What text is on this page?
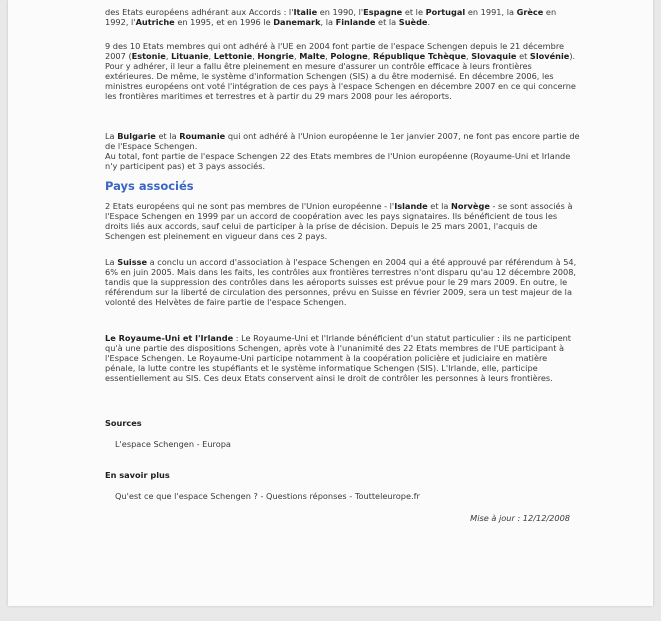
des Etats européens adhérant aux Accords : l'Italie en 1990, l'Espagne et le Portugal en 1991, la Grèce en 1992, l'Autriche en 1995, et en 1996 le Danemark, la Finlande et la Suède.

9 des 10 Etats membres qui ont adhéré à l'UE en 2004 font partie de l'espace Schengen depuis le 21 décembre 2007 (Estonie, Lituanie, Lettonie, Hongrie, Malte, Pologne, République Tchèque, Slovaquie et Slovénie). Pour y adhérer, il leur a fallu être pleinement en mesure d'assurer un contrôle efficace à leurs frontières extérieures. De même, le système d'information Schengen (SIS) a du être modernisé. En décembre 2006, les ministres européens ont voté l'intégration de ces pays à l'espace Schengen en décembre 2007 en ce qui concerne les frontières maritimes et terrestres et à partir du 29 mars 2008 pour les aéroports.

La Bulgarie et la Roumanie qui ont adhéré à l'Union européenne le 1er janvier 2007, ne font pas encore partie de de l'Espace Schengen.
Au total, font partie de l'espace Schengen 22 des Etats membres de l'Union européenne (Royaume-Uni et Irlande n'y participent pas) et 3 pays associés.

Pays associés

2 Etats européens qui ne sont pas membres de l'Union européenne - l'Islande et la Norvège - se sont associés à l'Espace Schengen en 1999 par un accord de coopération avec les pays signataires. Ils bénéficient de tous les droits liés aux accords, sauf celui de participer à la prise de décision. Depuis le 25 mars 2001, l'acquis de Schengen est pleinement en vigueur dans ces 2 pays.

La Suisse a conclu un accord d'association à l'espace Schengen en 2004 qui a été approuvé par référendum à 54, 6% en juin 2005. Mais dans les faits, les contrôles aux frontières terrestres n'ont disparu qu'au 12 décembre 2008, tandis que la suppression des contrôles dans les aéroports suisses est prévue pour le 29 mars 2009. En outre, le référendum sur la liberté de circulation des personnes, prévu en Suisse en février 2009, sera un test majeur de la volonté des Helvètes de faire partie de l'espace Schengen.

Le Royaume-Uni et l'Irlande : Le Royaume-Uni et l'Irlande bénéficient d'un statut particulier : ils ne participent qu'à une partie des dispositions Schengen, après vote à l'unanimité des 22 Etats membres de l'UE participant à l'Espace Schengen. Le Royaume-Uni participe notamment à la coopération policière et judiciaire en matière pénale, la lutte contre les stupéfiants et le système informatique Schengen (SIS). L'Irlande, elle, participe essentiellement au SIS. Ces deux Etats conservent ainsi le droit de contrôler les personnes à leurs frontières.

Sources

L'espace Schengen - Europa

En savoir plus

Qu'est ce que l'espace Schengen ? - Questions réponses - Toutteleurope.fr

Mise à jour : 12/12/2008
